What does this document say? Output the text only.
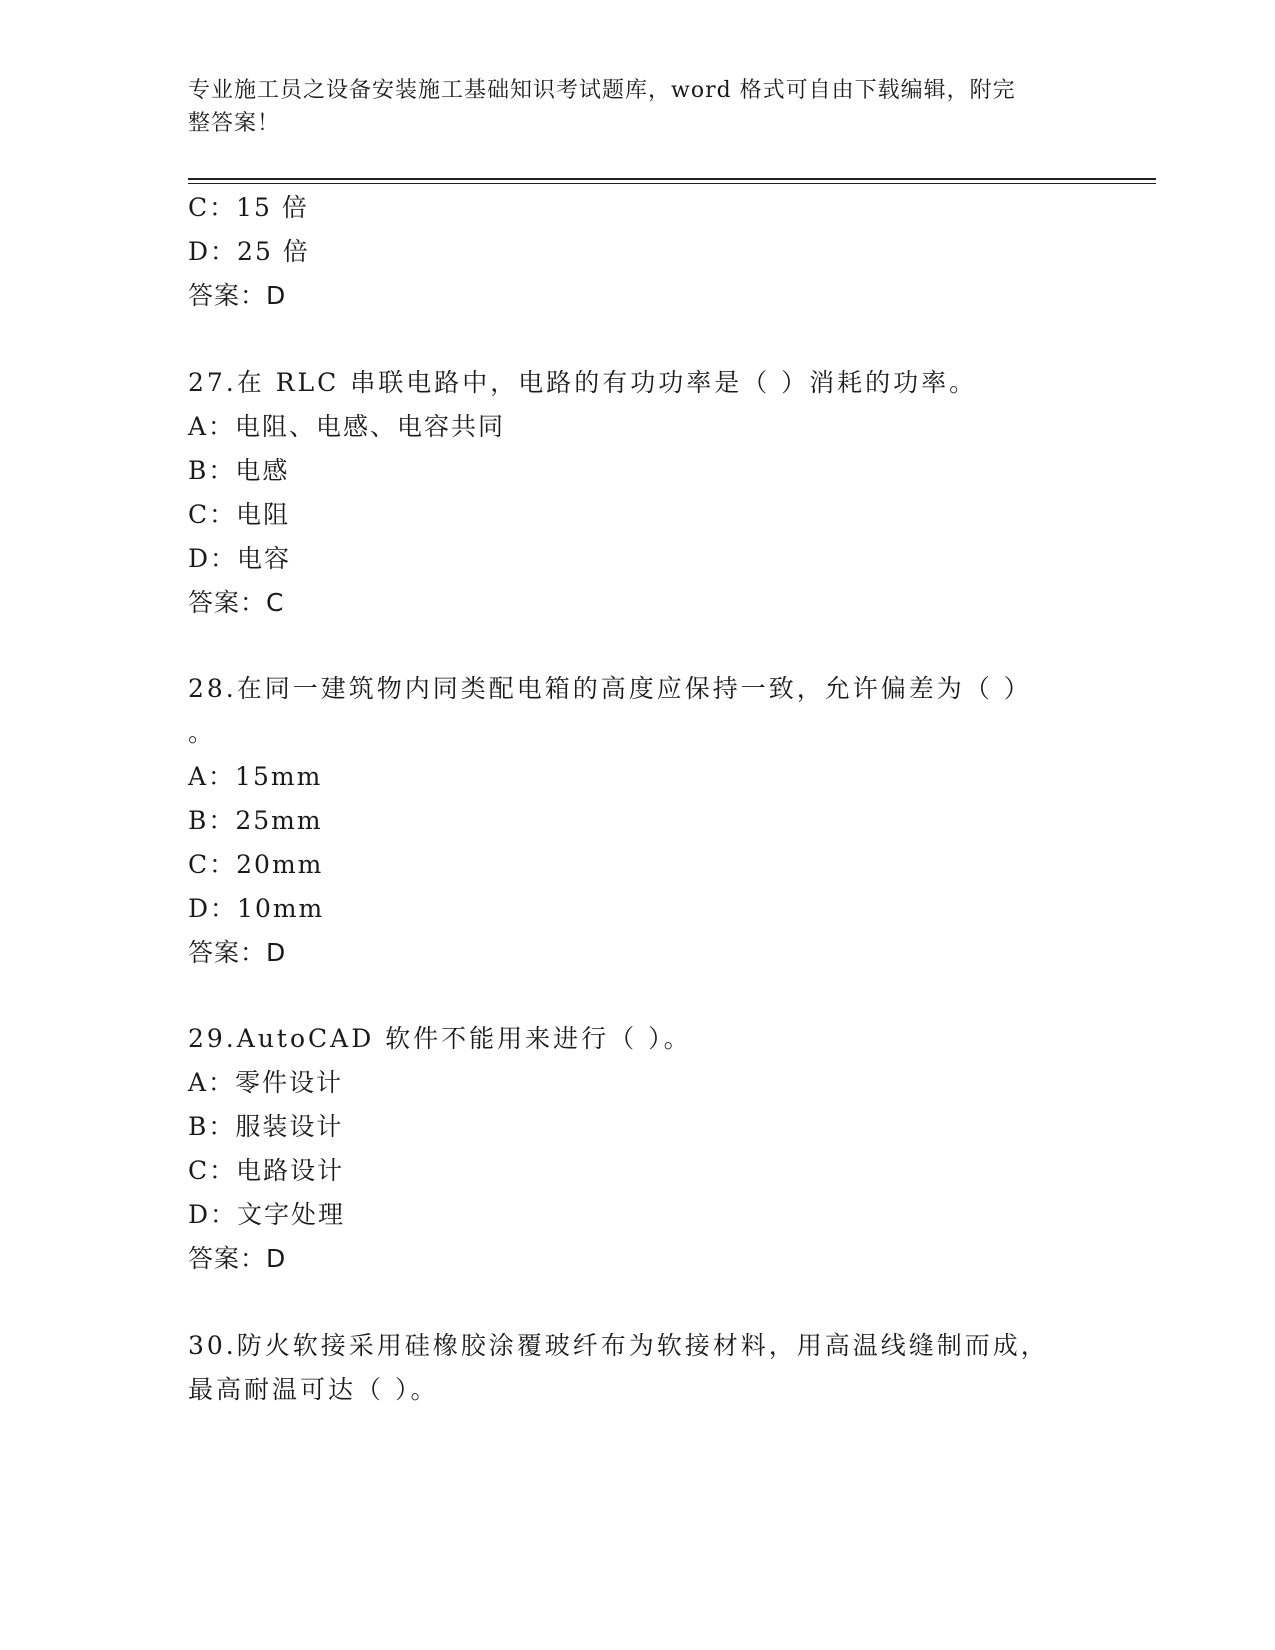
专业施工员之设备安装施工基础知识考试题库，word 格式可自由下载编辑，附完
整答案！
C：15 倍
D：25 倍
答案：D
27.在 RLC 串联电路中，电路的有功功率是（ ）消耗的功率。
A：电阻、电感、电容共同
B：电感
C：电阻
D：电容
答案：C
28.在同一建筑物内同类配电箱的高度应保持一致，允许偏差为（ ）
。
A：15mm
B：25mm
C：20mm
D：10mm
答案：D
29.AutoCAD 软件不能用来进行（ ）。
A：零件设计
B：服装设计
C：电路设计
D：文字处理
答案：D
30.防火软接采用硅橡胶涂覆玻纤布为软接材料，用高温线缝制而成，
最高耐温可达（ ）。
